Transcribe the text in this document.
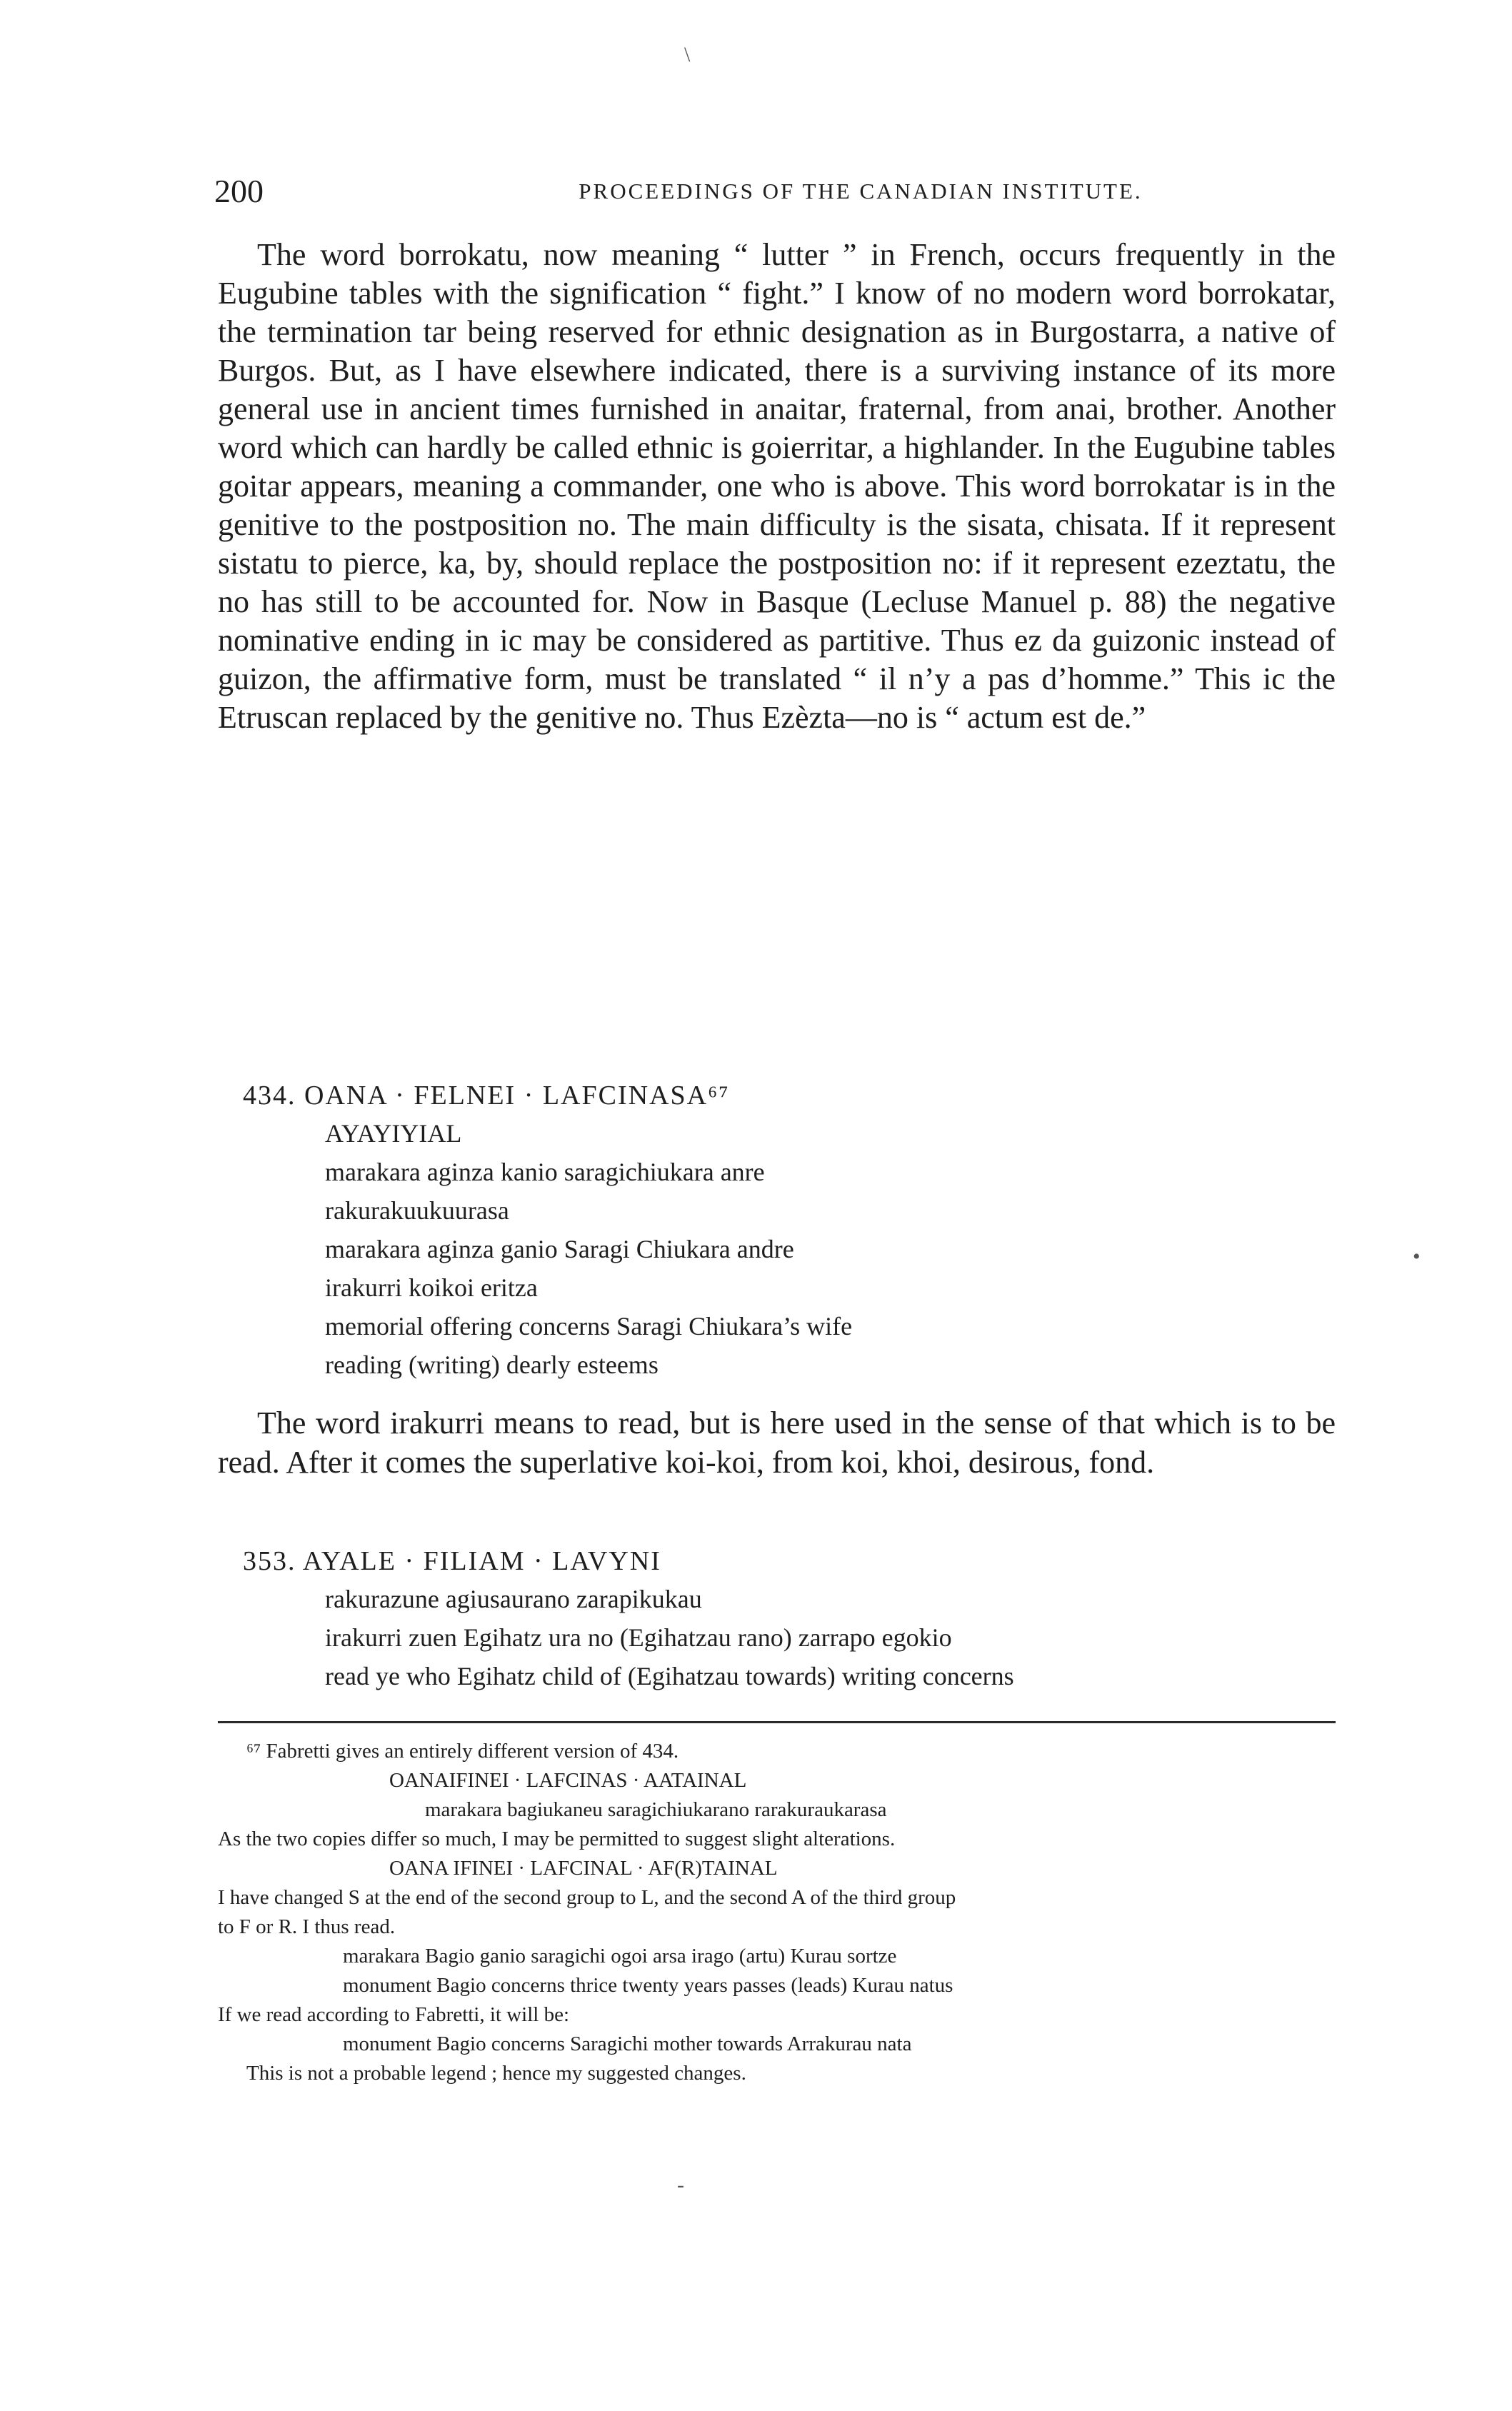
\
200	PROCEEDINGS OF THE CANADIAN INSTITUTE.

The word borrokatu, now meaning “ lutter ” in French, occurs frequently in the Eugubine tables with the signification “ fight.” I know of no modern word borrokatar, the termination tar being reserved for ethnic designation as in Burgostarra, a native of Burgos. But, as I have elsewhere indicated, there is a surviving instance of its more general use in ancient times furnished in anaitar, fraternal, from anai, brother. Another word which can hardly be called ethnic is goierritar, a highlander. In the Eugubine tables goitar appears, meaning a commander, one who is above. This word borrokatar is in the genitive to the postposition no. The main difficulty is the sisata, chisata. If it represent sistatu to pierce, ka, by, should replace the postposition no: if it represent ezeztatu, the no has still to be accounted for. Now in Basque (Lecluse Manuel p. 88) the negative nominative ending in ic may be considered as partitive. Thus ez da guizonic instead of guizon, the affirmative form, must be translated “ il n’y a pas d’homme.” This ic the Etruscan replaced by the genitive no. Thus Ezèzta—no is “ actum est de.”

434. OANA · FELNEI · LAFCINASA⁶⁷
AYAYIYIAL
marakara aginza kanio saragichiukara anre
rakurakuukuurasa
marakara aginza ganio Saragi Chiukara andre
irakurri koikoi eritza
memorial offering concerns Saragi Chiukara’s wife
reading (writing) dearly esteems
•

The word irakurri means to read, but is here used in the sense of that which is to be read. After it comes the superlative koi-koi, from koi, khoi, desirous, fond.

353. AYALE · FILIAM · LAVYNI
rakurazune agiusaurano zarapikukau
irakurri zuen Egihatz ura no (Egihatzau rano) zarrapo egokio
read ye who Egihatz child of (Egihatzau towards) writing concerns
⁶⁷ Fabretti gives an entirely different version of 434.
OANAIFINEI · LAFCINAS · AATAINAL
marakara bagiukaneu saragichiukarano rarakuraukarasa
As the two copies differ so much, I may be permitted to suggest slight alterations.
OANA IFINEI · LAFCINAL · AF(R)TAINAL
I have changed S at the end of the second group to L, and the second A of the third group
to F or R. I thus read.
marakara Bagio ganio saragichi ogoi arsa irago (artu) Kurau sortze
monument Bagio concerns thrice twenty years passes (leads) Kurau natus
If we read according to Fabretti, it will be:
monument Bagio concerns Saragichi mother towards Arrakurau nata
This is not a probable legend ; hence my suggested changes.
-
